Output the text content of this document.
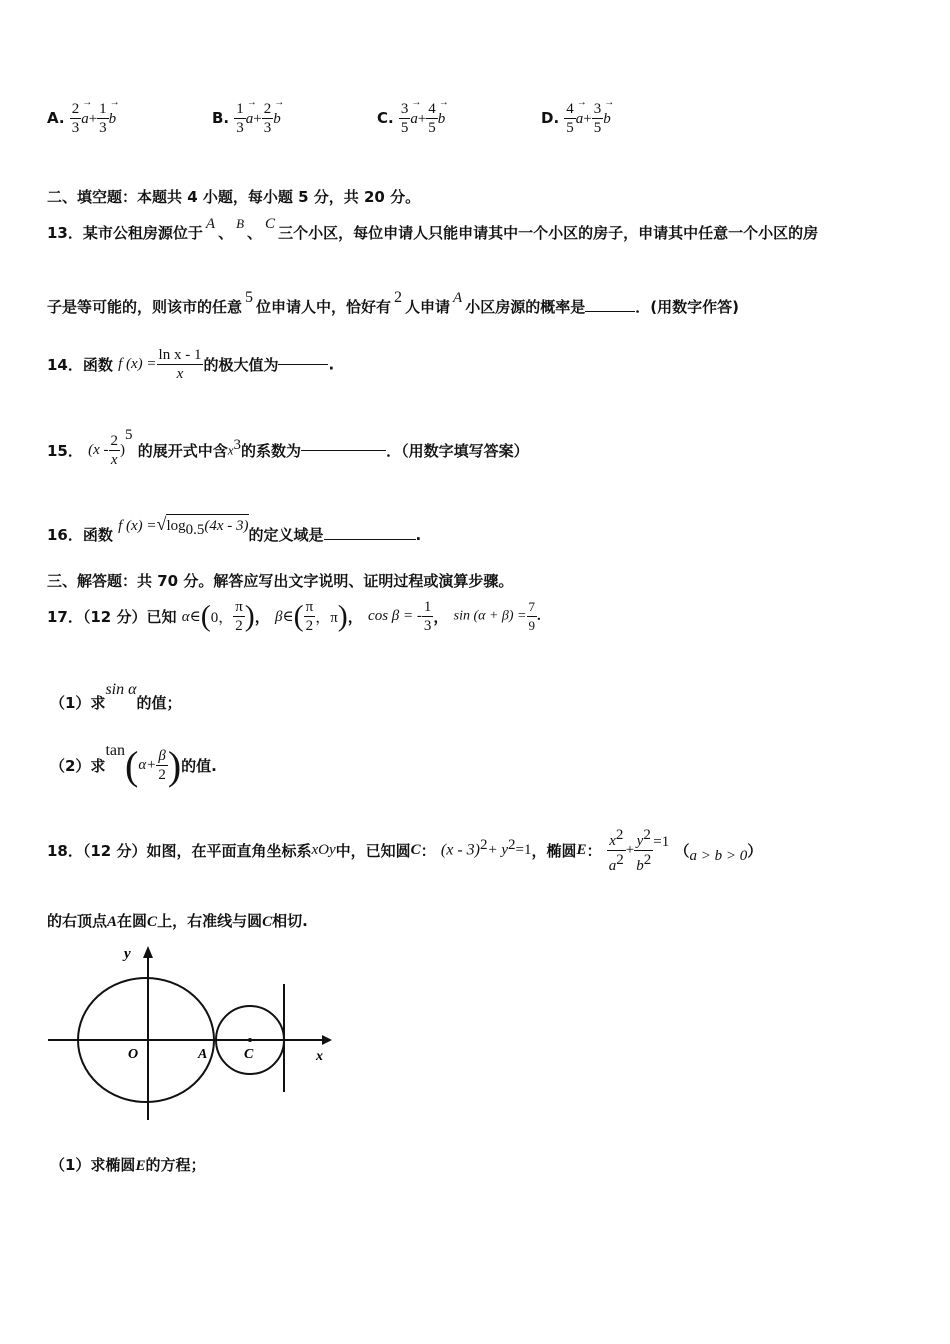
A. $\frac{2}{3}$
→ $a+ \frac{1}{3}$
→ b	B. $\frac{1}{3}$
→ $a+ \frac{2}{3}$
→ b	C. $\frac{3}{5}$
→ $a+ \frac{4}{5}$
→ b	D. $\frac{4}{5}$
→ $a+ \frac{3}{5}$
→ b
二、填空题：本题共 4 小题，每小题 5 分，共 20 分。
13．某市公租房源位于 A 、B、 C 三个小区，每位申请人只能申请其中一个小区的房子，申请其中任意一个小区的房
子是等可能的，则该市的任意5位申请人中，恰好有2人申请 A 小区房源的概率是	．(用数字作答)
14．函数 f $(x) = \frac{\text{ln x - 1}}{x}$ 的极大值为	.
15． $(x - \frac{2}{x} )^5$ 的展开式中含$x^3$的系数为	．（用数字填写答案）
16．函数 f $(x) =√\log_{0.5}(4x - 3)$的定义域是	.
三、解答题：共 70 分。解答应写出文字说明、证明过程或演算步骤。
17．（12 分）已知 α∈(0， $\frac{\pi}{2}$ )， β∈( $\frac{\pi}{2}$ ，π)， cos β = - $\frac{1}{3}$ ， $\sin (\alpha + \beta) = \frac{7}{9}$ .
（1）求sin α的值；
（2）求$\tan(\alpha+ \frac{\beta}{2}$ )的值.
18．（12 分）如图，在平面直角坐标系xOy中，已知圆C： $(x - 3)^2+ y^2=1$，椭圆E： $\frac{x^2}{a^2} + \frac{y^2}{b^2} =1$ （a > b > 0）
的右顶点A在圆C上，右准线与圆C相切.
y
x
O	A	C
（1）求椭圆E的方程；
